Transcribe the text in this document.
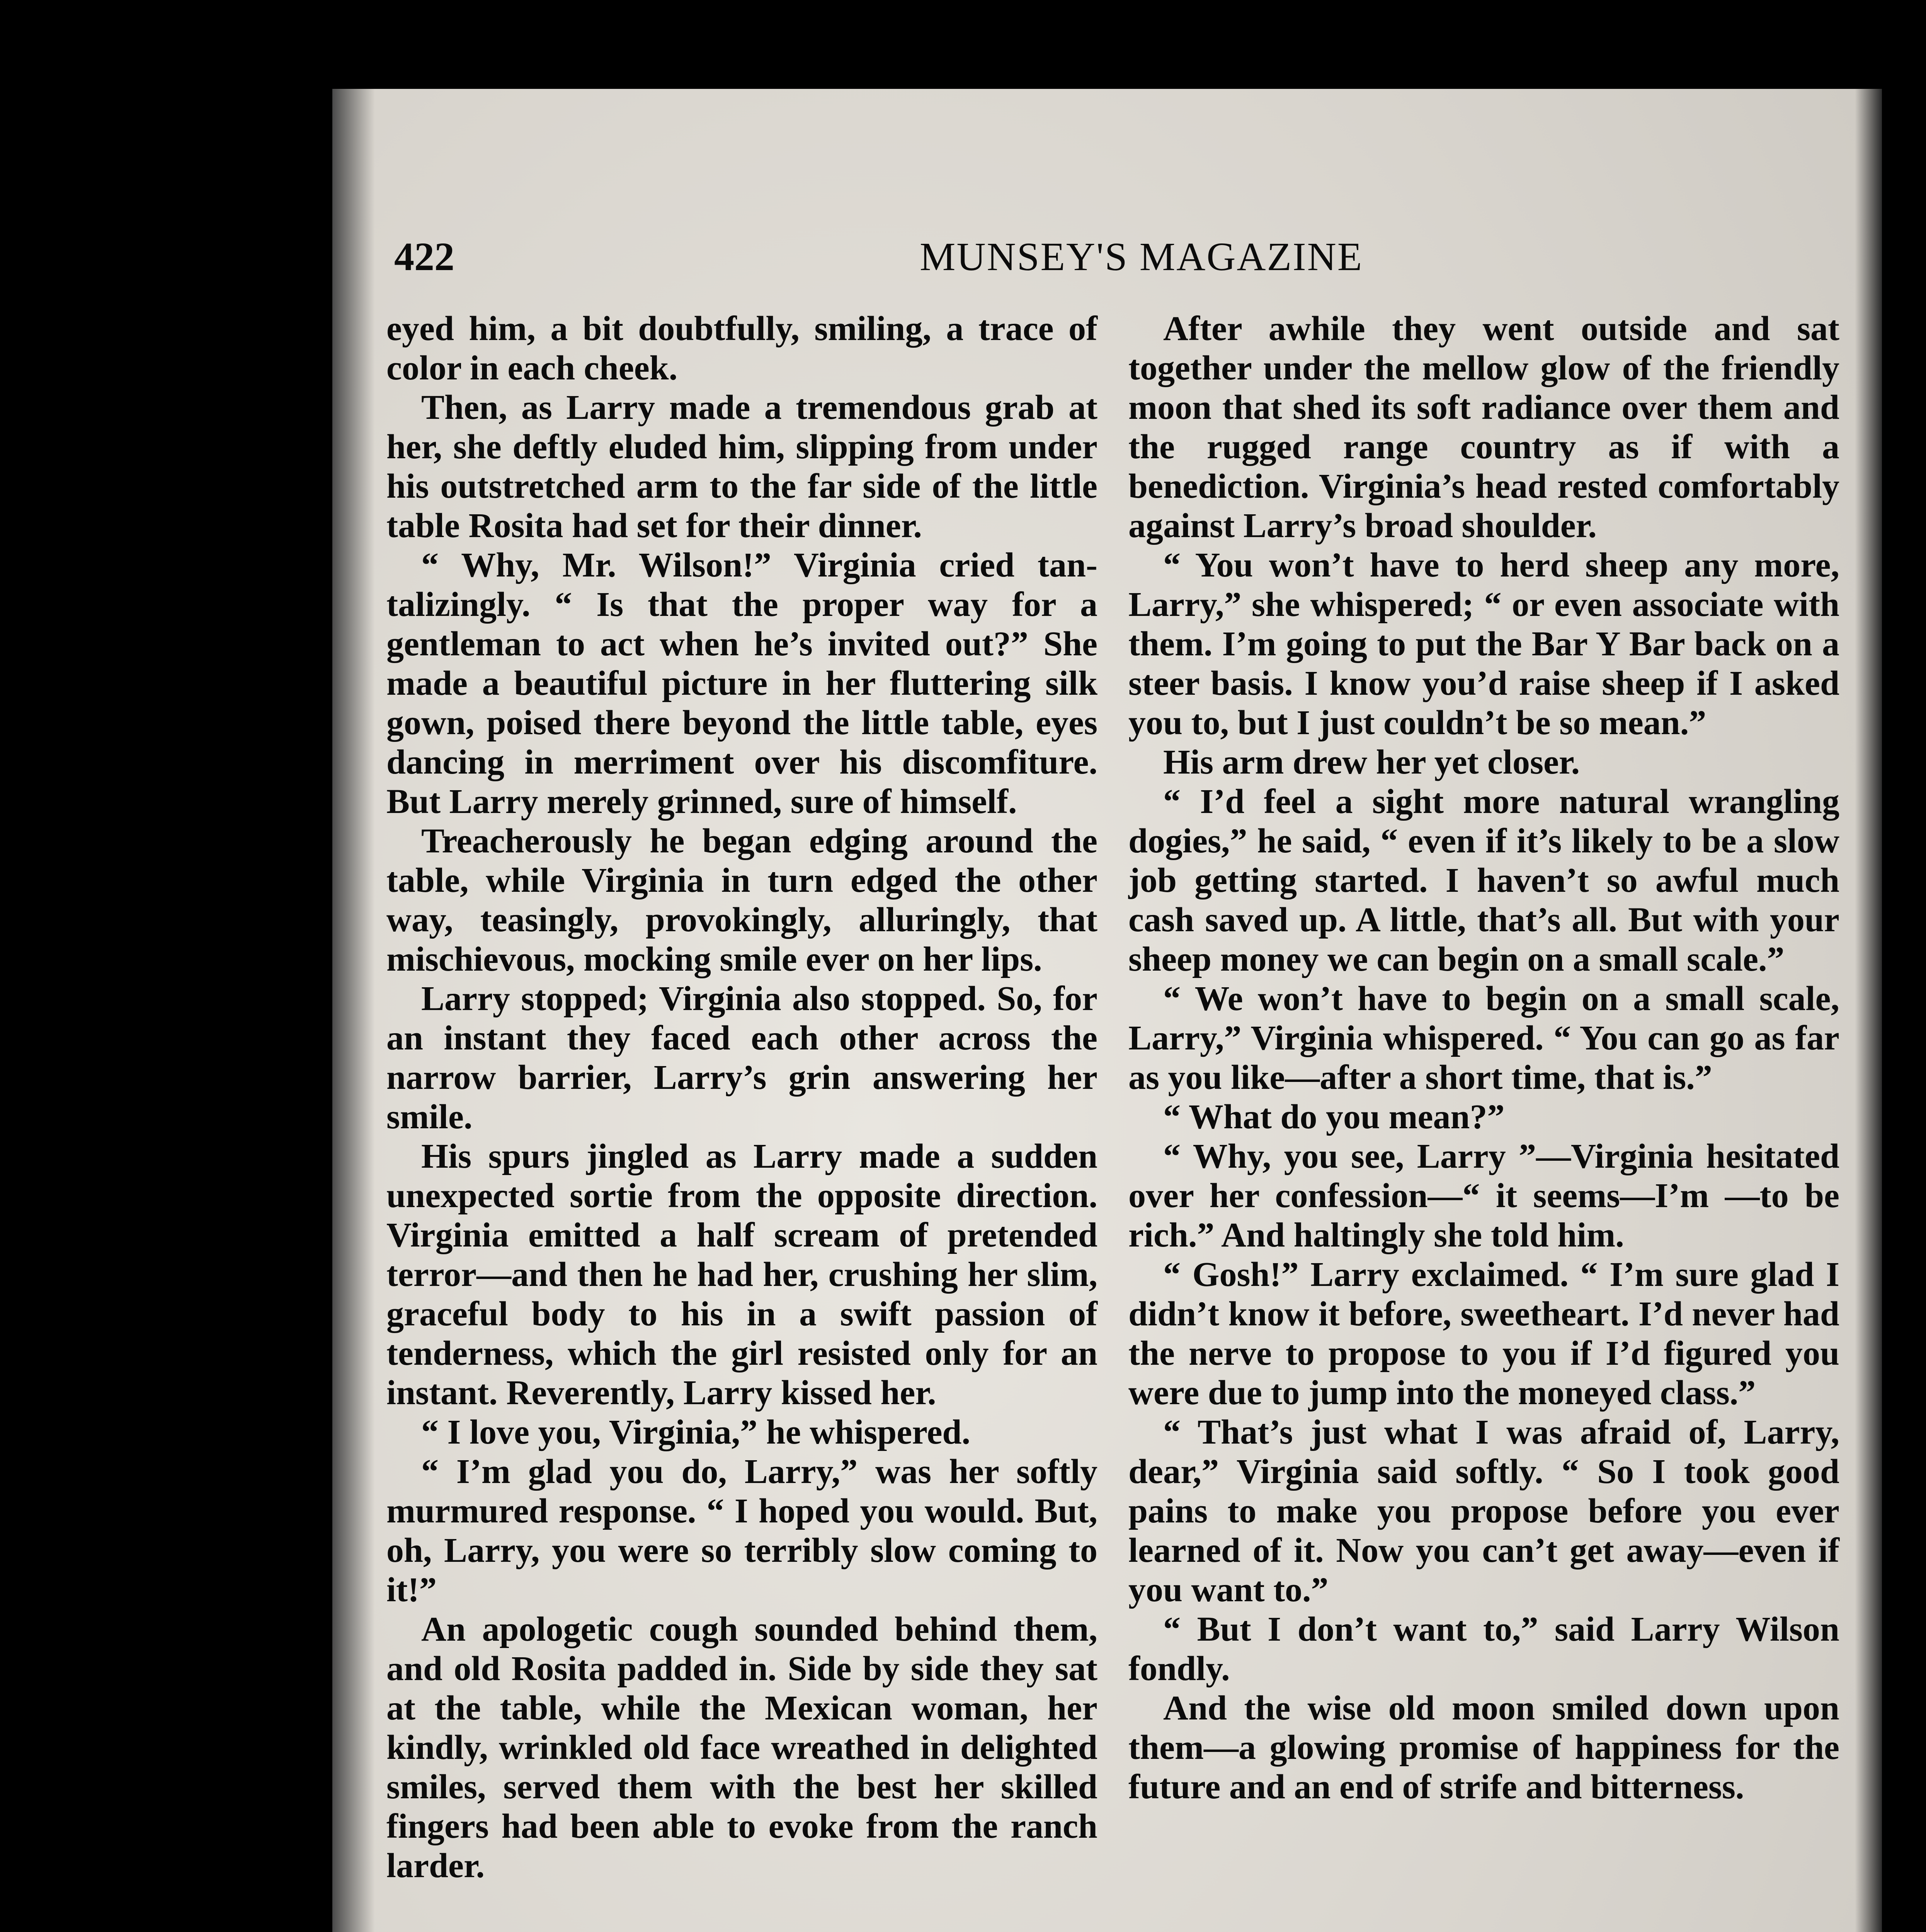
422	MUNSEY'S MAGAZINE

eyed him, a bit doubtfully, smiling, a trace of color in each cheek.

Then, as Larry made a tremendous grab at her, she deftly eluded him, slipping from under his outstretched arm to the far side of the little table Rosita had set for their dinner.

“ Why, Mr. Wilson!” Virginia cried tantalizingly. “ Is that the proper way for a gentleman to act when he’s invited out?” She made a beautiful picture in her fluttering silk gown, poised there beyond the little table, eyes dancing in merriment over his discomfiture. But Larry merely grinned, sure of himself.

Treacherously he began edging around the table, while Virginia in turn edged the other way, teasingly, provokingly, alluringly, that mischievous, mocking smile ever on her lips.

Larry stopped; Virginia also stopped. So, for an instant they faced each other across the narrow barrier, Larry’s grin answering her smile.

His spurs jingled as Larry made a sudden unexpected sortie from the opposite direction. Virginia emitted a half scream of pretended terror—and then he had her, crushing her slim, graceful body to his in a swift passion of tenderness, which the girl resisted only for an instant. Reverently, Larry kissed her.

“ I love you, Virginia,” he whispered.

“ I’m glad you do, Larry,” was her softly murmured response. “ I hoped you would. But, oh, Larry, you were so terribly slow coming to it!”

An apologetic cough sounded behind them, and old Rosita padded in. Side by side they sat at the table, while the Mexican woman, her kindly, wrinkled old face wreathed in delighted smiles, served them with the best her skilled fingers had been able to evoke from the ranch larder.

After awhile they went outside and sat together under the mellow glow of the friendly moon that shed its soft radiance over them and the rugged range country as if with a benediction. Virginia’s head rested comfortably against Larry’s broad shoulder.

“ You won’t have to herd sheep any more, Larry,” she whispered; “ or even associate with them. I’m going to put the Bar Y Bar back on a steer basis. I know you’d raise sheep if I asked you to, but I just couldn’t be so mean.”

His arm drew her yet closer.

“ I’d feel a sight more natural wrangling dogies,” he said, “ even if it’s likely to be a slow job getting started. I haven’t so awful much cash saved up. A little, that’s all. But with your sheep money we can begin on a small scale.”

“ We won’t have to begin on a small scale, Larry,” Virginia whispered. “ You can go as far as you like—after a short time, that is.”

“ What do you mean?”

“ Why, you see, Larry ”—Virginia hesitated over her confession—“ it seems—I’m —to be rich.” And haltingly she told him.

“ Gosh!” Larry exclaimed. “ I’m sure glad I didn’t know it before, sweetheart. I’d never had the nerve to propose to you if I’d figured you were due to jump into the moneyed class.”

“ That’s just what I was afraid of, Larry, dear,” Virginia said softly. “ So I took good pains to make you propose before you ever learned of it. Now you can’t get away—even if you want to.”

“ But I don’t want to,” said Larry Wilson fondly.

And the wise old moon smiled down upon them—a glowing promise of happiness for the future and an end of strife and bitterness.
